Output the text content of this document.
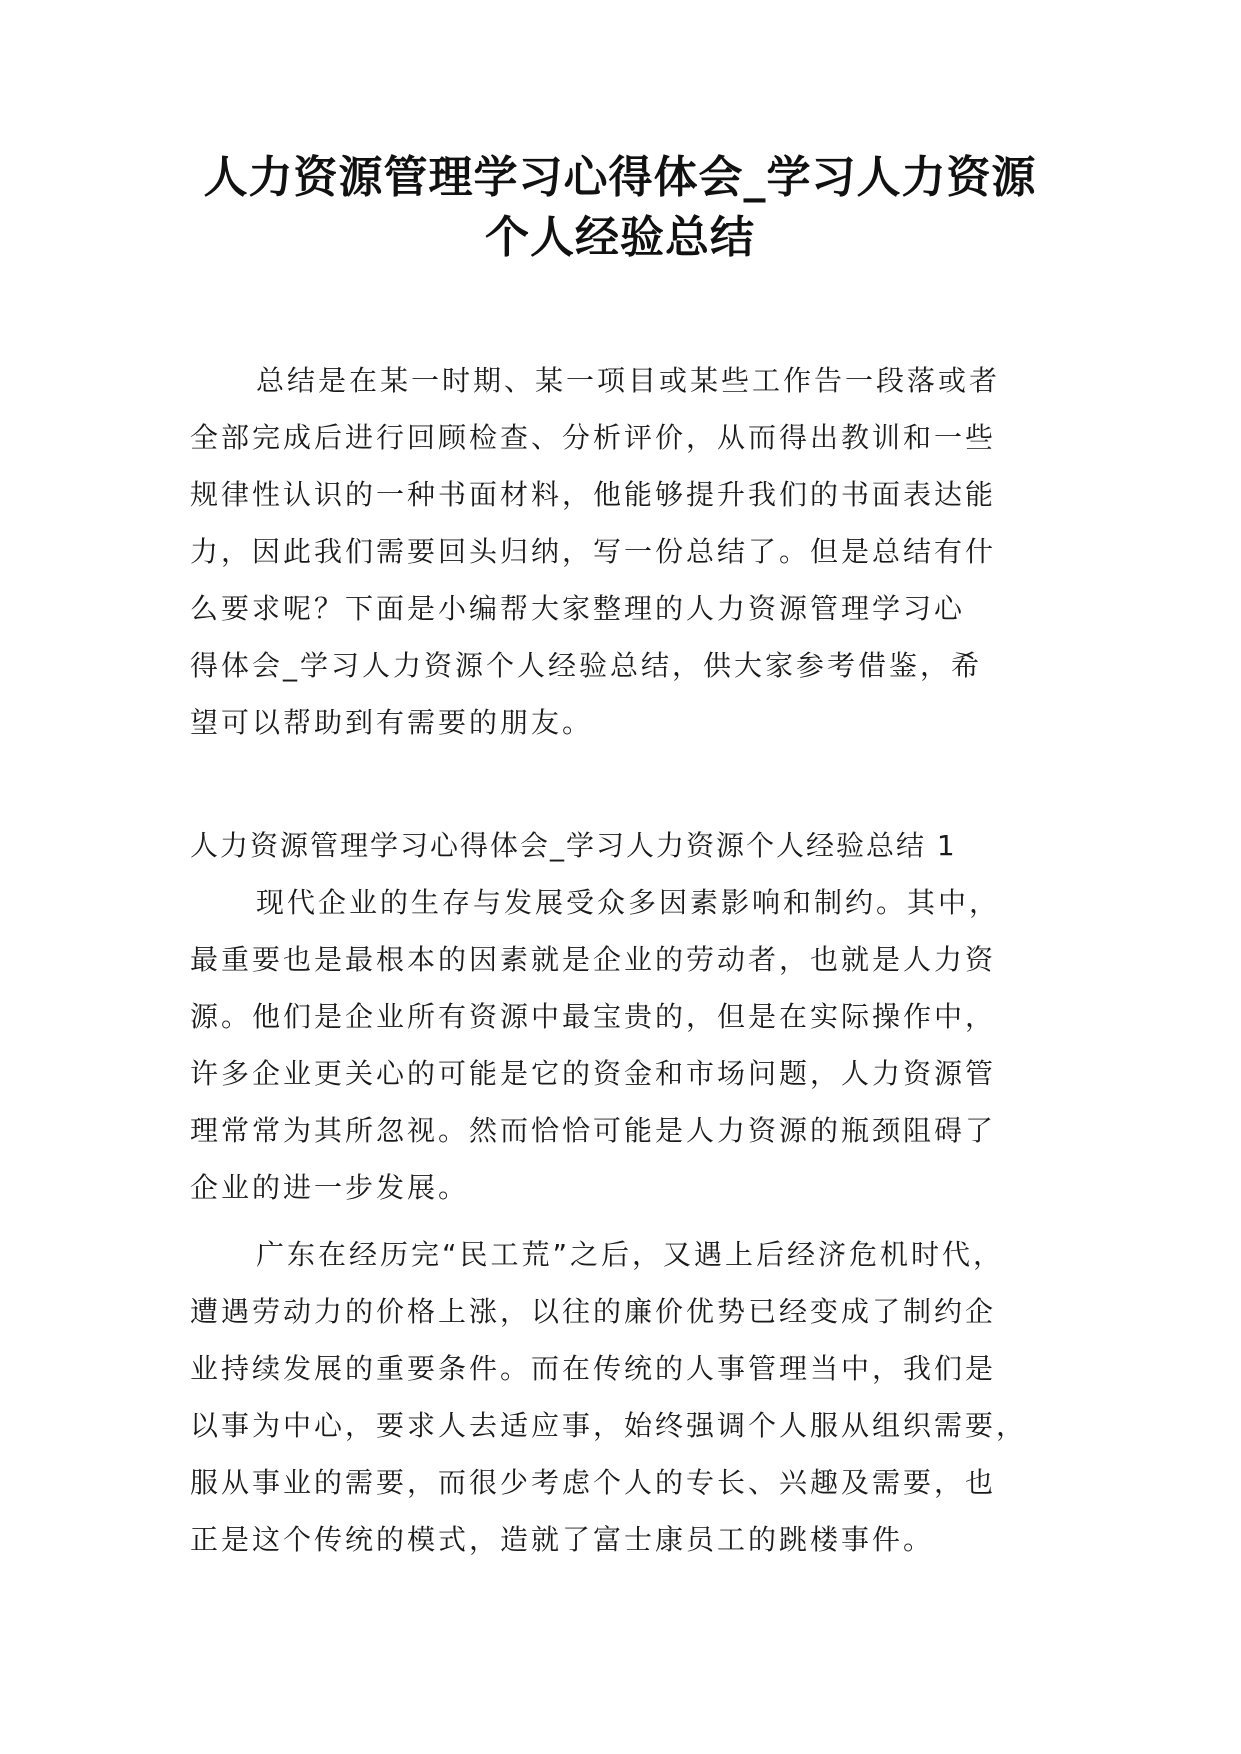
人力资源管理学习心得体会_学习人力资源
个人经验总结
总结是在某一时期、某一项目或某些工作告一段落或者
全部完成后进行回顾检查、分析评价，从而得出教训和一些
规律性认识的一种书面材料，他能够提升我们的书面表达能
力，因此我们需要回头归纳，写一份总结了。但是总结有什
么要求呢？下面是小编帮大家整理的人力资源管理学习心
得体会_学习人力资源个人经验总结，供大家参考借鉴，希
望可以帮助到有需要的朋友。
人力资源管理学习心得体会_学习人力资源个人经验总结 1
现代企业的生存与发展受众多因素影响和制约。其中，
最重要也是最根本的因素就是企业的劳动者，也就是人力资
源。他们是企业所有资源中最宝贵的，但是在实际操作中，
许多企业更关心的可能是它的资金和市场问题，人力资源管
理常常为其所忽视。然而恰恰可能是人力资源的瓶颈阻碍了
企业的进一步发展。
广东在经历完“民工荒”之后，又遇上后经济危机时代，
遭遇劳动力的价格上涨，以往的廉价优势已经变成了制约企
业持续发展的重要条件。而在传统的人事管理当中，我们是
以事为中心，要求人去适应事，始终强调个人服从组织需要，
服从事业的需要，而很少考虑个人的专长、兴趣及需要，也
正是这个传统的模式，造就了富士康员工的跳楼事件。
